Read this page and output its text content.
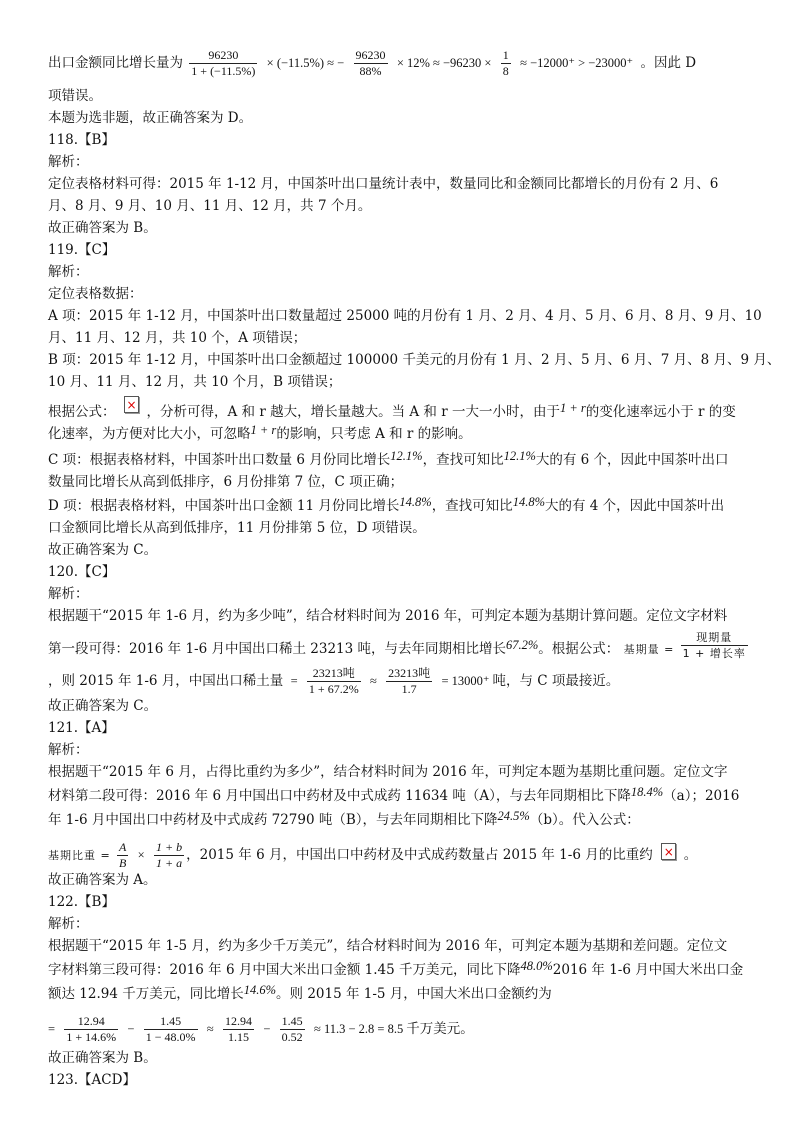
出口金额同比增长量为 $\frac{96230}{1 + (-11.5\%)} \times (-11.5\%)$ ≈ − $\frac{96230}{88\%} \times 12\% \approx -96230 \times \frac{1}{8} \approx -12000^+ > -23000^+$ 。因此 D
项错误。
本题为选非题，故正确答案为 D。
118.【B】
解析：
定位表格材料可得：2015 年 1-12 月，中国茶叶出口量统计表中，数量同比和金额同比都增长的月份有 2 月、6
月、8 月、9 月、10 月、11 月、12 月，共 7 个月。
故正确答案为 B。
119.【C】
解析：
定位表格数据：
A 项：2015 年 1-12 月，中国茶叶出口数量超过 25000 吨的月份有 1 月、2 月、4 月、5 月、6 月、8 月、9 月、10
月、11 月、12 月，共 10 个，A 项错误；
B 项：2015 年 1-12 月，中国茶叶出口金额超过 100000 千美元的月份有 1 月、2 月、5 月、6 月、7 月、8 月、9 月、
10 月、11 月、12 月，共 10 个月，B 项错误；
根据公式： × ，分析可得，A 和 r 越大，增长量越大。当 A 和 r 一大一小时，由于1 + r的变化速率远小于 r 的变
化速率，为方便对比大小，可忽略1 + r的影响，只考虑 A 和 r 的影响。
C 项：根据表格材料，中国茶叶出口数量 6 月份同比增长12.1%，查找可知比12.1%大的有 6 个，因此中国茶叶出口
数量同比增长从高到低排序，6 月份排第 7 位，C 项正确；
D 项：根据表格材料，中国茶叶出口金额 11 月份同比增长14.8%，查找可知比14.8%大的有 4 个，因此中国茶叶出
口金额同比增长从高到低排序，11 月份排第 5 位，D 项错误。
故正确答案为 C。
120.【C】
解析：
根据题干“2015 年 1-6 月，约为多少吨”，结合材料时间为 2016 年，可判定本题为基期计算问题。定位文字材料
第一段可得：2016 年 1-6 月中国出口稀土 23213 吨，与去年同期相比增长67.2%。根据公式： 基期量 = $\frac{\text{现期量}}{\text{1 + 增长率}}$
，则 2015 年 1-6 月，中国出口稀土量 = $\frac{\text{23213吨}}{1 + 67.2\%} \approx \frac{\text{23213吨}}{1.7} = 13000^+$ 吨，与 C 项最接近。
故正确答案为 C。
121.【A】
解析：
根据题干“2015 年 6 月，占得比重约为多少”，结合材料时间为 2016 年，可判定本题为基期比重问题。定位文字
材料第二段可得：2016 年 6 月中国出口中药材及中式成药 11634 吨（A），与去年同期相比下降18.4%（a）；2016
年 1-6 月中国出口中药材及中式成药 72790 吨（B），与去年同期相比下降24.5%（b）。代入公式：
基期比重 = $\frac{A}{B} \times \frac{1 + b}{1 + a}$ ，2015 年 6 月，中国出口中药材及中式成药数量占 2015 年 1-6 月的比重约 × 。
故正确答案为 A。
122.【B】
解析：
根据题干“2015 年 1-5 月，约为多少千万美元”，结合材料时间为 2016 年，可判定本题为基期和差问题。定位文
字材料第三段可得：2016 年 6 月中国大米出口金额 1.45 千万美元，同比下降48.0%2016 年 1-6 月中国大米出口金
额达 12.94 千万美元，同比增长14.6%。则 2015 年 1-5 月，中国大米出口金额约为
= $\frac{12.94}{1 + 14.6\%} - \frac{1.45}{1 - 48.0\%} \approx \frac{12.94}{1.15} - \frac{1.45}{0.52} \approx 11.3 - 2.8 = 8.5$ 千万美元。
故正确答案为 B。
123.【ACD】
